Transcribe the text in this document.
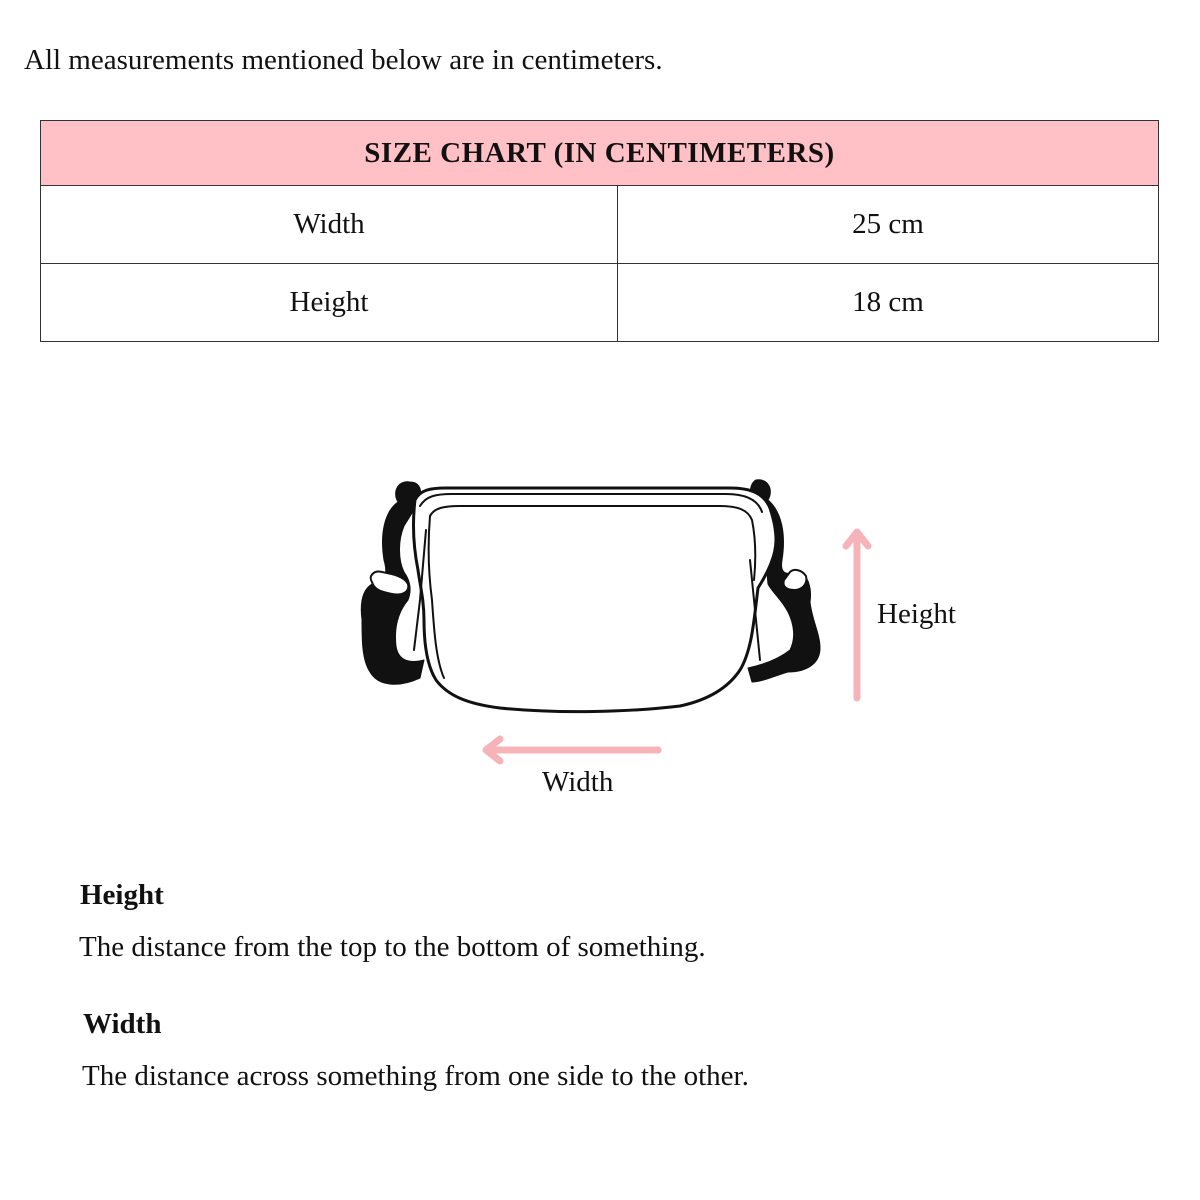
All measurements mentioned below are in centimeters.
SIZE CHART (IN CENTIMETERS)	
Width	25 cm
Height	18 cm
Height
Width
Height
The distance from the top to the bottom of something.
Width
The distance across something from one side to the other.
